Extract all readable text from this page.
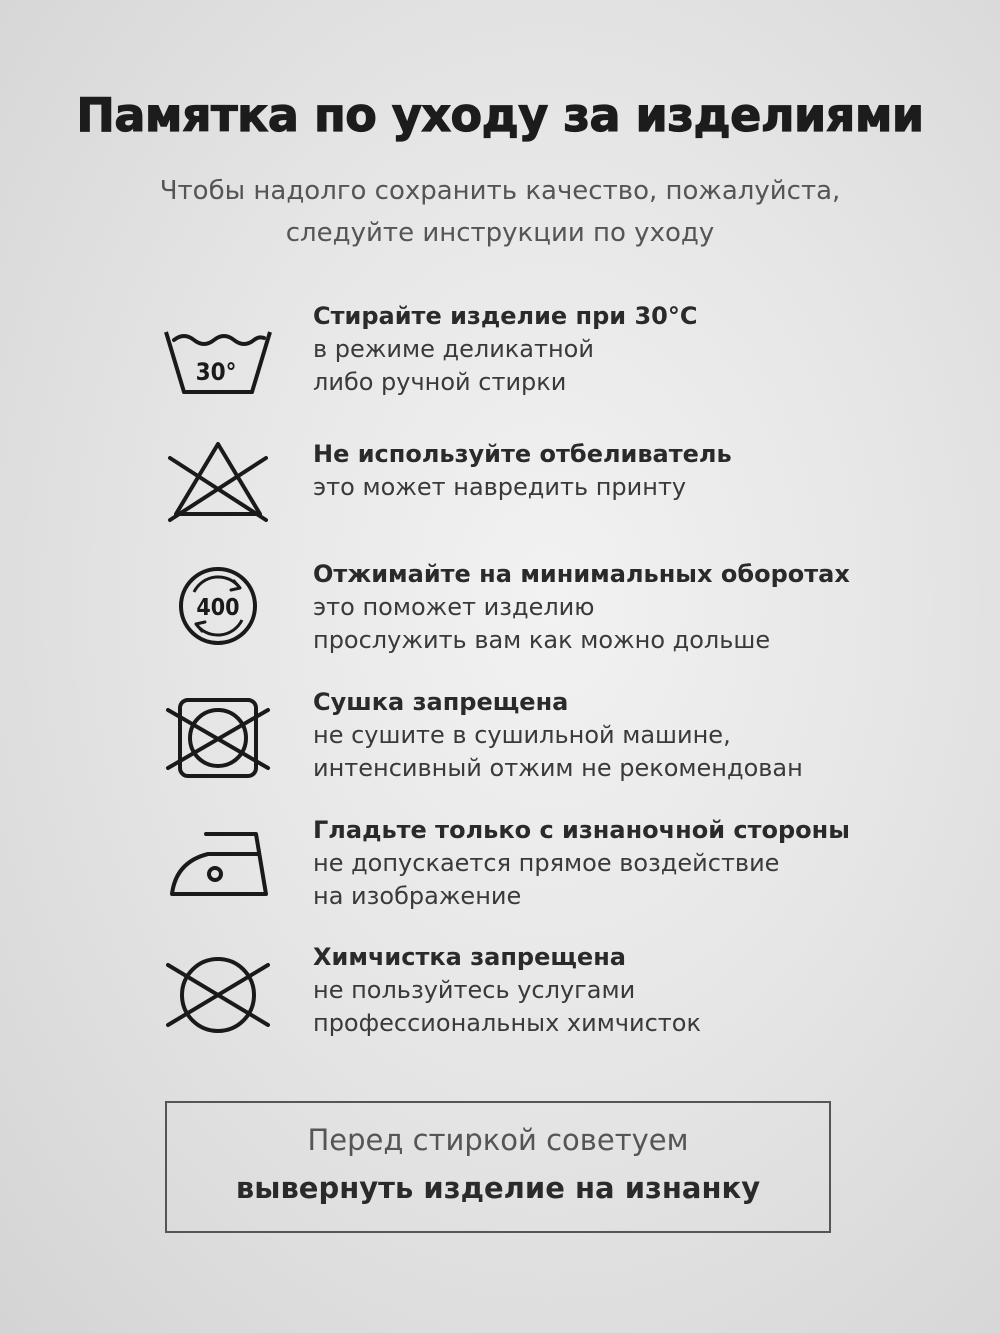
Памятка по уходу за изделиями
Чтобы надолго сохранить качество, пожалуйста,
следуйте инструкции по уходу
30°
Стирайте изделие при 30°С
в режиме деликатной
либо ручной стирки
Не используйте отбеливатель
это может навредить принту
400
Отжимайте на минимальных оборотах
это поможет изделию
прослужить вам как можно дольше
Сушка запрещена
не сушите в сушильной машине,
интенсивный отжим не рекомендован
Гладьте только с изнаночной стороны
не допускается прямое воздействие
на изображение
Химчистка запрещена
не пользуйтесь услугами
профессиональных химчисток
Перед стиркой советуем
вывернуть изделие на изнанку
